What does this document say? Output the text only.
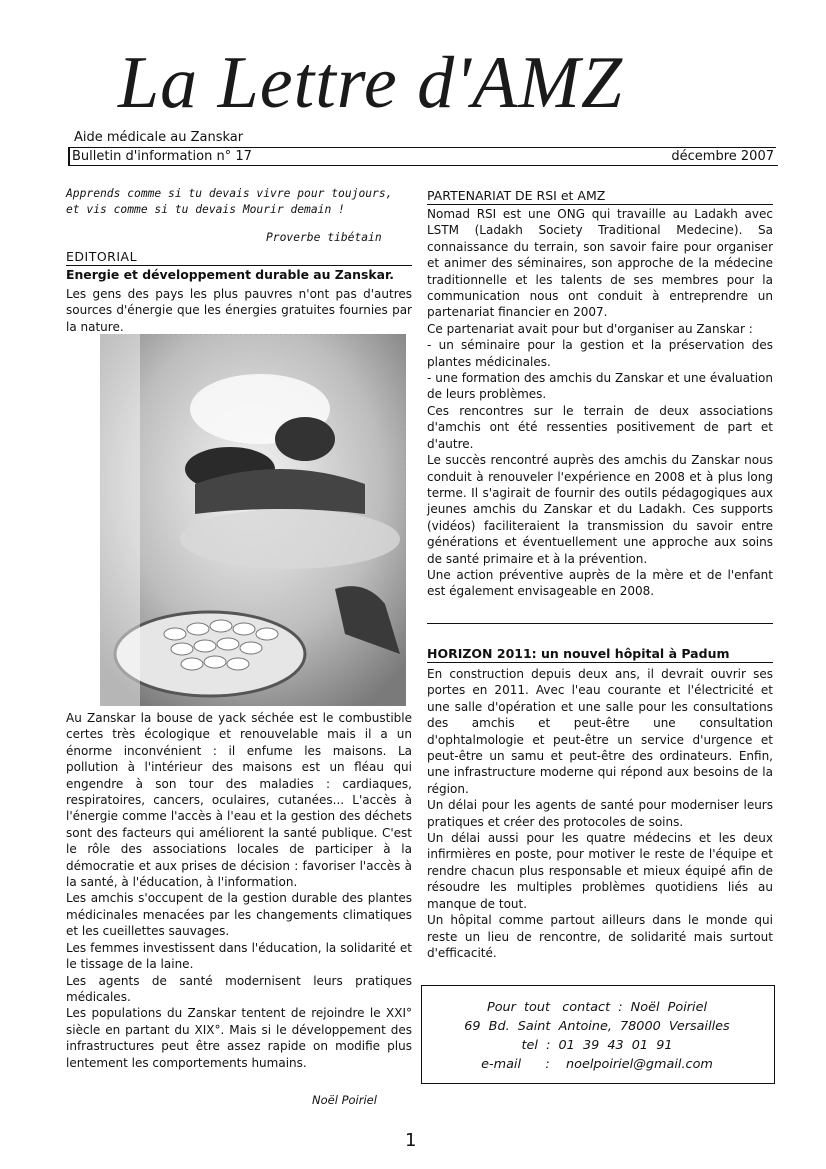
La Lettre d'AMZ
Aide médicale au Zanskar
Bulletin d'information n° 17	décembre 2007
Apprends comme si tu devais vivre pour toujours,
et vis comme si tu devais Mourir demain !
Proverbe tibétain
EDITORIAL
Energie et développement durable au Zanskar.
Les gens des pays les plus pauvres n'ont pas d'autres sources d'énergie que les énergies gratuites fournies par la nature.

Au Zanskar la bouse de yack séchée est le combustible certes très écologique et renouvelable mais il a un énorme inconvénient : il enfume les maisons. La pollution à l'intérieur des maisons est un fléau qui engendre à son tour des maladies : cardiaques, respiratoires, cancers, oculaires, cutanées... L'accès à l'énergie comme l'accès à l'eau et la gestion des déchets sont des facteurs qui améliorent la santé publique. C'est le rôle des associations locales de participer à la démocratie et aux prises de décision : favoriser l'accès à la santé, à l'éducation, à l'information.

Les amchis s'occupent de la gestion durable des plantes médicinales menacées par les changements climatiques et les cueillettes sauvages.

Les femmes investissent dans l'éducation, la solidarité et le tissage de la laine.

Les agents de santé modernisent leurs pratiques médicales.

Les populations du Zanskar tentent de rejoindre le XXI° siècle en partant du XIX°. Mais si le développement des infrastructures peut être assez rapide on modifie plus lentement les comportements humains.

Noël Poiriel
PARTENARIAT DE RSI et AMZ

Nomad RSI est une ONG qui travaille au Ladakh avec LSTM (Ladakh Society Traditional Medecine). Sa connaissance du terrain, son savoir faire pour organiser et animer des séminaires, son approche de la médecine traditionnelle et les talents de ses membres pour la communication nous ont conduit à entreprendre un partenariat financier en 2007.

Ce partenariat avait pour but d'organiser au Zanskar :

- un séminaire pour la gestion et la préservation des plantes médicinales.

- une formation des amchis du Zanskar et une évaluation de leurs problèmes.

Ces rencontres sur le terrain de deux associations d'amchis ont été ressenties positivement de part et d'autre.

Le succès rencontré auprès des amchis du Zanskar nous conduit à renouveler l'expérience en 2008 et à plus long terme. Il s'agirait de fournir des outils pédagogiques aux jeunes amchis du Zanskar et du Ladakh. Ces supports (vidéos) faciliteraient la transmission du savoir entre générations et éventuellement une approche aux soins de santé primaire et à la prévention.

Une action préventive auprès de la mère et de l'enfant est également envisageable en 2008.

HORIZON 2011: un nouvel hôpital à Padum

En construction depuis deux ans, il devrait ouvrir ses portes en 2011. Avec l'eau courante et l'électricité et une salle d'opération et une salle pour les consultations des amchis et peut-être une consultation d'ophtalmologie et peut-être un service d'urgence et peut-être un samu et peut-être des ordinateurs. Enfin, une infrastructure moderne qui répond aux besoins de la région.

Un délai pour les agents de santé pour moderniser leurs pratiques et créer des protocoles de soins.

Un délai aussi pour les quatre médecins et les deux infirmières en poste, pour motiver le reste de l'équipe et rendre chacun plus responsable et mieux équipé afin de résoudre les multiples problèmes quotidiens liés au manque de tout.

Un hôpital comme partout ailleurs dans le monde qui reste un lieu de rencontre, de solidarité mais surtout d'efficacité.

Pour  tout   contact  :  Noël  Poiriel
69  Bd.  Saint  Antoine,  78000  Versailles
tel  :  01  39  43  01  91
e-mail      :    noelpoiriel@gmail.com
1
